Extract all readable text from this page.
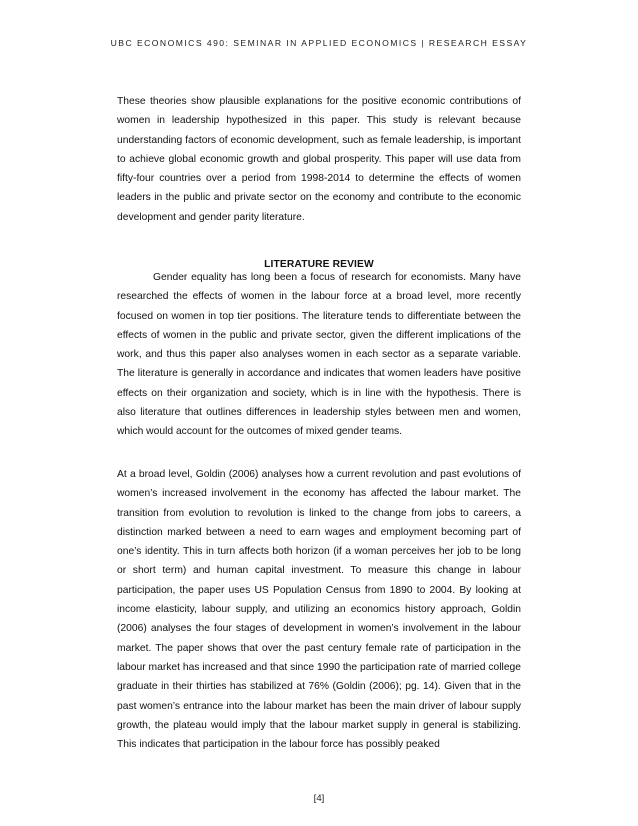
UBC ECONOMICS 490: SEMINAR IN APPLIED ECONOMICS | RESEARCH ESSAY

These theories show plausible explanations for the positive economic contributions of women in leadership hypothesized in this paper. This study is relevant because understanding factors of economic development, such as female leadership, is important to achieve global economic growth and global prosperity. This paper will use data from fifty-four countries over a period from 1998-2014 to determine the effects of women leaders in the public and private sector on the economy and contribute to the economic development and gender parity literature.

LITERATURE REVIEW

Gender equality has long been a focus of research for economists. Many have researched the effects of women in the labour force at a broad level, more recently focused on women in top tier positions. The literature tends to differentiate between the effects of women in the public and private sector, given the different implications of the work, and thus this paper also analyses women in each sector as a separate variable. The literature is generally in accordance and indicates that women leaders have positive effects on their organization and society, which is in line with the hypothesis. There is also literature that outlines differences in leadership styles between men and women, which would account for the outcomes of mixed gender teams.

At a broad level, Goldin (2006) analyses how a current revolution and past evolutions of women’s increased involvement in the economy has affected the labour market. The transition from evolution to revolution is linked to the change from jobs to careers, a distinction marked between a need to earn wages and employment becoming part of one’s identity. This in turn affects both horizon (if a woman perceives her job to be long or short term) and human capital investment. To measure this change in labour participation, the paper uses US Population Census from 1890 to 2004. By looking at income elasticity, labour supply, and utilizing an economics history approach, Goldin (2006) analyses the four stages of development in women’s involvement in the labour market. The paper shows that over the past century female rate of participation in the labour market has increased and that since 1990 the participation rate of married college graduate in their thirties has stabilized at 76% (Goldin (2006); pg. 14). Given that in the past women’s entrance into the labour market has been the main driver of labour supply growth, the plateau would imply that the labour market supply in general is stabilizing. This indicates that participation in the labour force has possibly peaked

[4]
